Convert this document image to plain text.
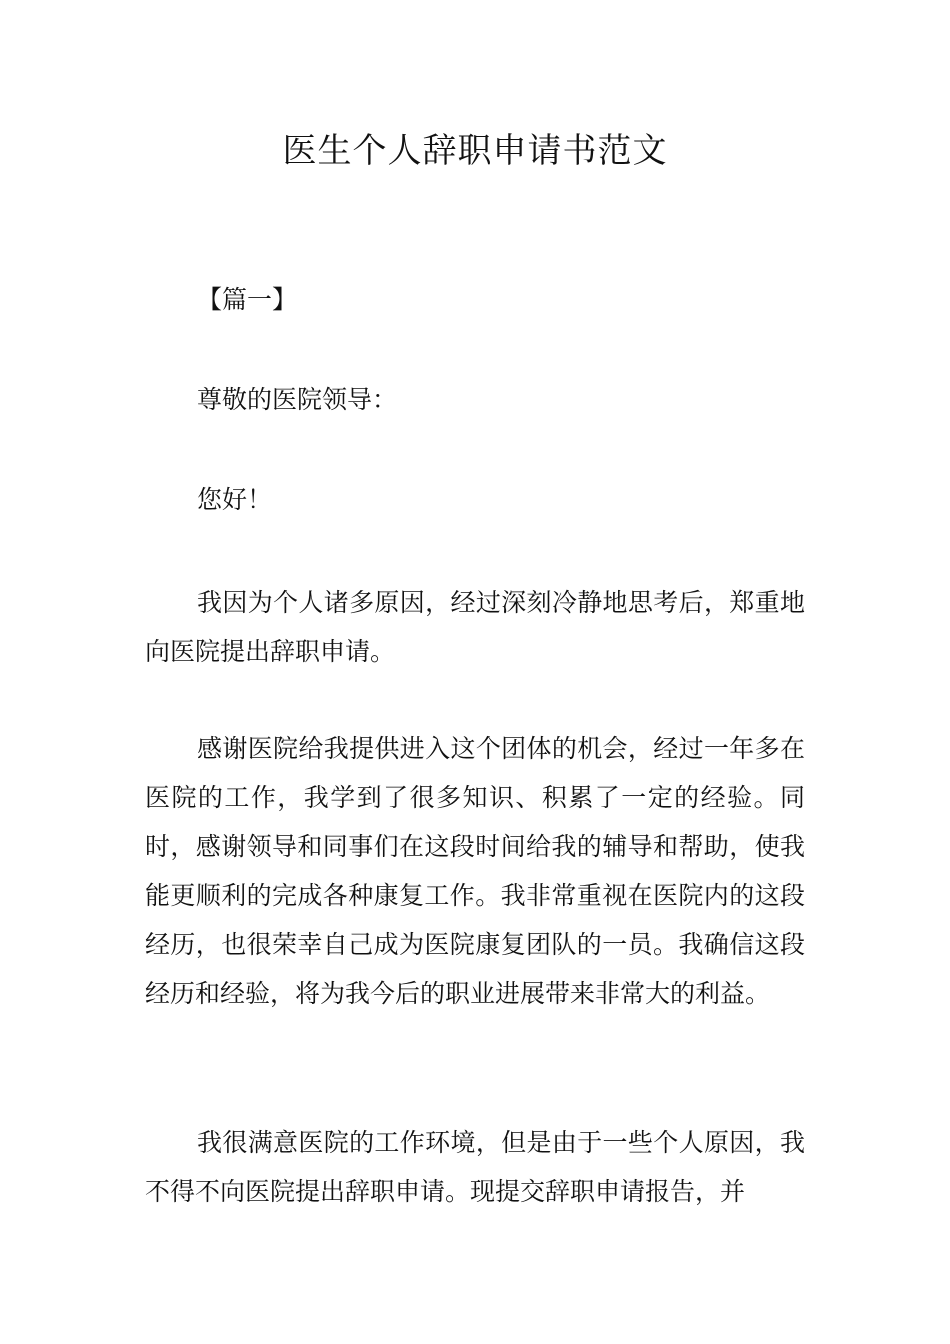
医生个人辞职申请书范文

【篇一】

尊敬的医院领导：

您好！

我因为个人诸多原因，经过深刻冷静地思考后，郑重地向医院提出辞职申请。

感谢医院给我提供进入这个团体的机会，经过一年多在医院的工作，我学到了很多知识、积累了一定的经验。同时，感谢领导和同事们在这段时间给我的辅导和帮助，使我能更顺利的完成各种康复工作。我非常重视在医院内的这段经历，也很荣幸自己成为医院康复团队的一员。我确信这段经历和经验，将为我今后的职业进展带来非常大的利益。

我很满意医院的工作环境，但是由于一些个人原因，我不得不向医院提出辞职申请。现提交辞职申请报告，并
